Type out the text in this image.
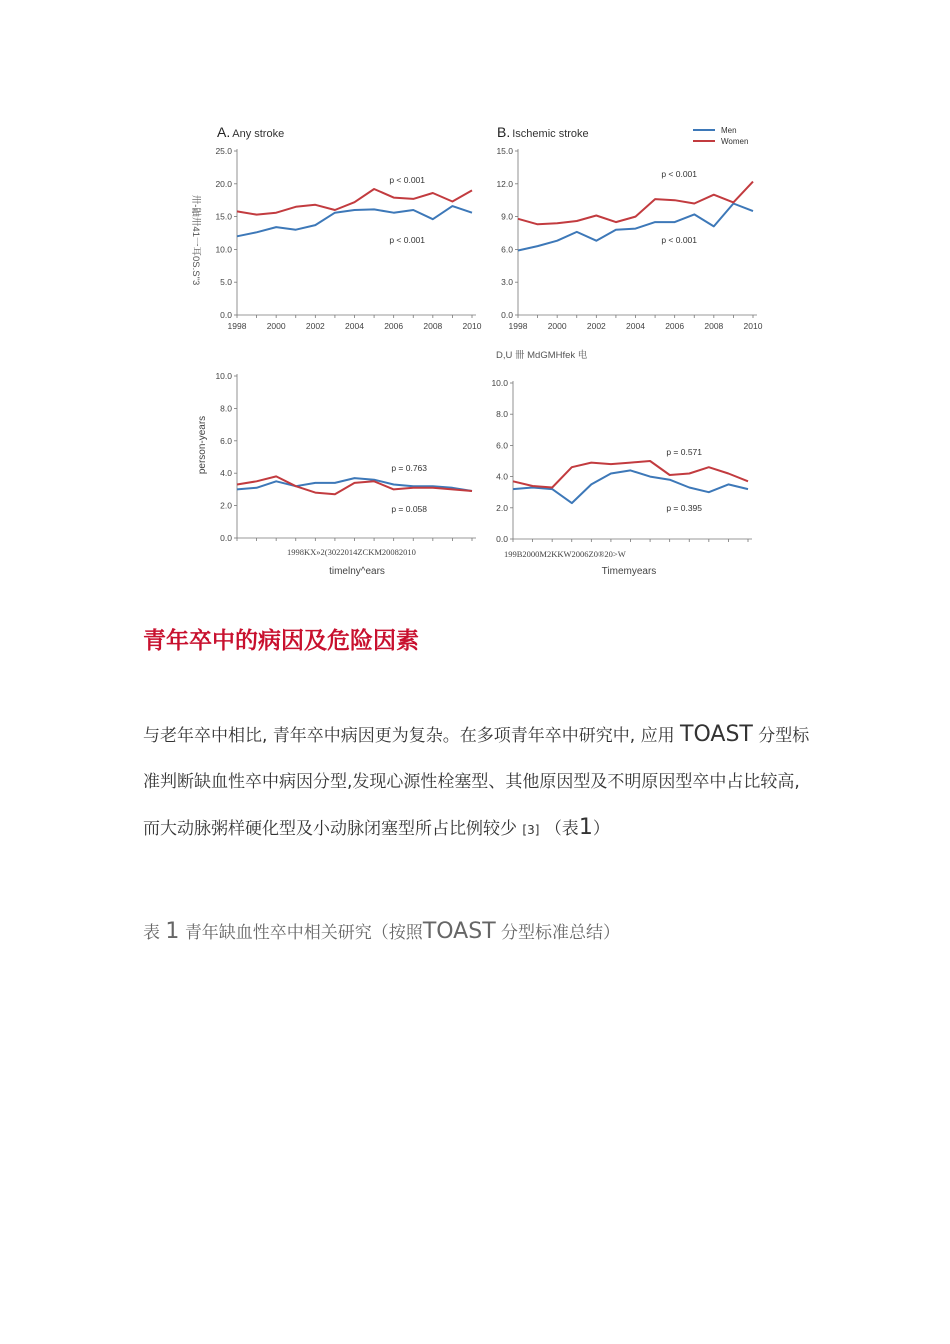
A. Any stroke	B. Ischemic stroke	Men
Women
卅-鼬卅41一耳0S.S"3
D,U 卌 MdGMHfek 电
person-years
1998KX»2(3022014ZCKM20082010
timelny^ears
199B2000M2KKW2006Z0®20>W
Timemyears
0.0
5.0
10.0
15.0
20.0
25.0
1998 2000 2002 2004 2006 2008 2010
p < 0.001
p < 0.001
0.0
3.0
6.0
9.0
12.0
15.0
1998 2000 2002 2004 2006 2008 2010
p < 0.001
p < 0.001
0.0
2.0
4.0
6.0
8.0
10.0
p = 0.763
p = 0.058
0.0
2.0
4.0
6.0
8.0
10.0
p = 0.571
p = 0.395
青年卒中的病因及危险因素

与老年卒中相比, 青年卒中病因更为复杂。在多项青年卒中研究中, 应用 TOAST 分型标
准判断缺血性卒中病因分型,发现心源性栓塞型、其他原因型及不明原因型卒中占比较高,
而大动脉粥样硬化型及小动脉闭塞型所占比例较少 [3] （表1）

表 1 青年缺血性卒中相关研究（按照TOAST 分型标准总结）
